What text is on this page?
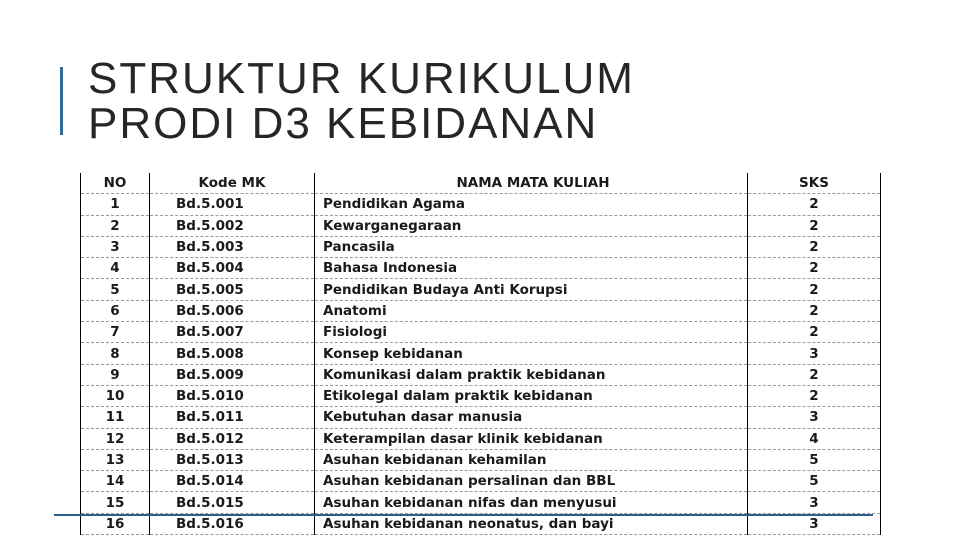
STRUKTUR KURIKULUM
PRODI D3 KEBIDANAN
NO	Kode MK	NAMA MATA KULIAH	SKS
1	Bd.5.001	Pendidikan Agama	2
2	Bd.5.002	Kewarganegaraan	2
3	Bd.5.003	Pancasila	2
4	Bd.5.004	Bahasa Indonesia	2
5	Bd.5.005	Pendidikan Budaya Anti Korupsi	2
6	Bd.5.006	Anatomi	2
7	Bd.5.007	Fisiologi	2
8	Bd.5.008	Konsep kebidanan	3
9	Bd.5.009	Komunikasi dalam praktik kebidanan	2
10	Bd.5.010	Etikolegal dalam praktik kebidanan	2
11	Bd.5.011	Kebutuhan dasar manusia	3
12	Bd.5.012	Keterampilan dasar klinik kebidanan	4
13	Bd.5.013	Asuhan kebidanan kehamilan	5
14	Bd.5.014	Asuhan kebidanan persalinan dan BBL	5
15	Bd.5.015	Asuhan kebidanan nifas dan menyusui	3
16	Bd.5.016	Asuhan kebidanan neonatus, dan bayi	3
